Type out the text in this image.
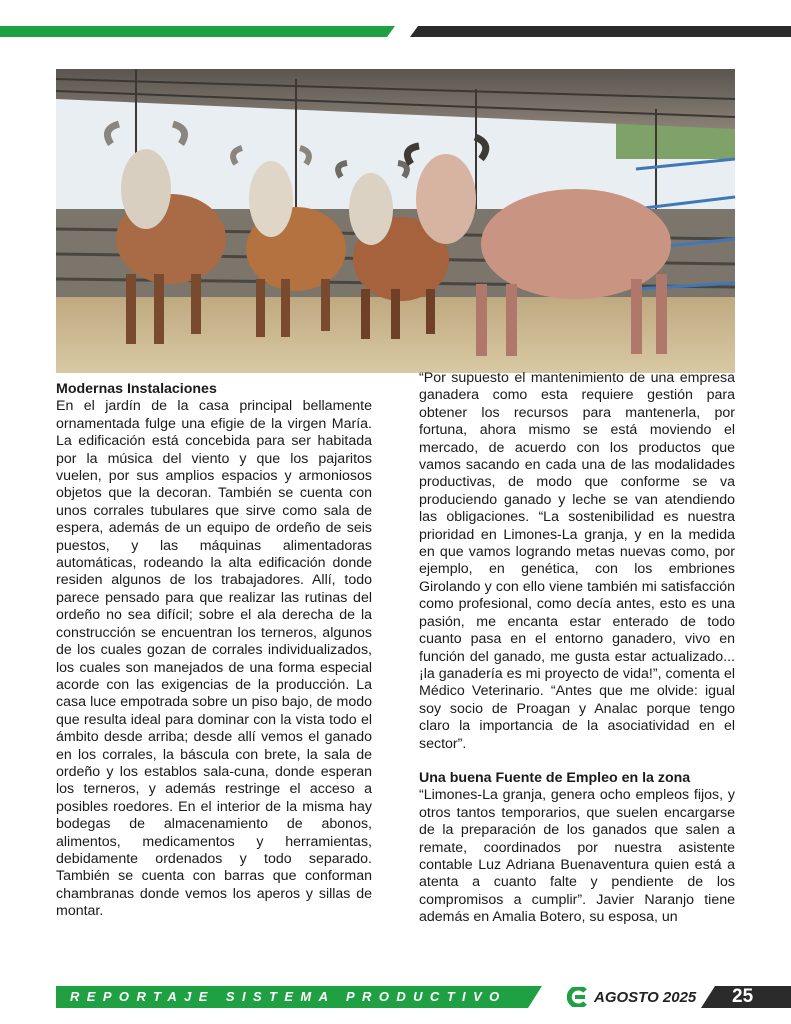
Modernas Instalaciones

En el jardín de la casa principal bellamente ornamentada fulge una efigie de la virgen María. La edificación está concebida para ser habitada por la música del viento y que los pajaritos vuelen, por sus amplios espacios y armoniosos objetos que la decoran. También se cuenta con unos corrales tubulares que sirve como sala de espera, además de un equipo de ordeño de seis puestos, y las máquinas alimentadoras automáticas, rodeando la alta edificación donde residen algunos de los trabajadores. Allí, todo parece pensado para que realizar las rutinas del ordeño no sea difícil; sobre el ala derecha de la construcción se encuentran los terneros, algunos de los cuales gozan de corrales individualizados, los cuales son manejados de una forma especial acorde con las exigencias de la producción. La casa luce empotrada sobre un piso bajo, de modo que resulta ideal para dominar con la vista todo el ámbito desde arriba; desde allí vemos el ganado en los corrales, la báscula con brete, la sala de ordeño y los establos sala-cuna, donde esperan los terneros, y además restringe el acceso a posibles roedores. En el interior de la misma hay bodegas de almacenamiento de abonos, alimentos, medicamentos y herramientas, debidamente ordenados y todo separado. También se cuenta con barras que conforman chambranas donde vemos los aperos y sillas de montar.

“Por supuesto el mantenimiento de una empresa ganadera como esta requiere gestión para obtener los recursos para mantenerla, por fortuna, ahora mismo se está moviendo el mercado, de acuerdo con los productos que vamos sacando en cada una de las modalidades productivas, de modo que conforme se va produciendo ganado y leche se van atendiendo las obligaciones. “La sostenibilidad es nuestra prioridad en Limones-La granja, y en la medida en que vamos logrando metas nuevas como, por ejemplo, en genética, con los embriones Girolando y con ello viene también mi satisfacción como profesional, como decía antes, esto es una pasión, me encanta estar enterado de todo cuanto pasa en el entorno ganadero, vivo en función del ganado, me gusta estar actualizado... ¡la ganadería es mi proyecto de vida!”, comenta el Médico Veterinario. “Antes que me olvide: igual soy socio de Proagan y Analac porque tengo claro la importancia de la asociatividad en el sector”.

Una buena Fuente de Empleo en la zona

“Limones-La granja, genera ocho empleos fijos, y otros tantos temporarios, que suelen encargarse de la preparación de los ganados que salen a remate, coordinados por nuestra asistente contable Luz Adriana Buenaventura quien está a atenta a cuanto falte y pendiente de los compromisos a cumplir”. Javier Naranjo tiene además en Amalia Botero, su esposa, un

REPORTAJE SISTEMA PRODUCTIVO	AGOSTO 2025 25
